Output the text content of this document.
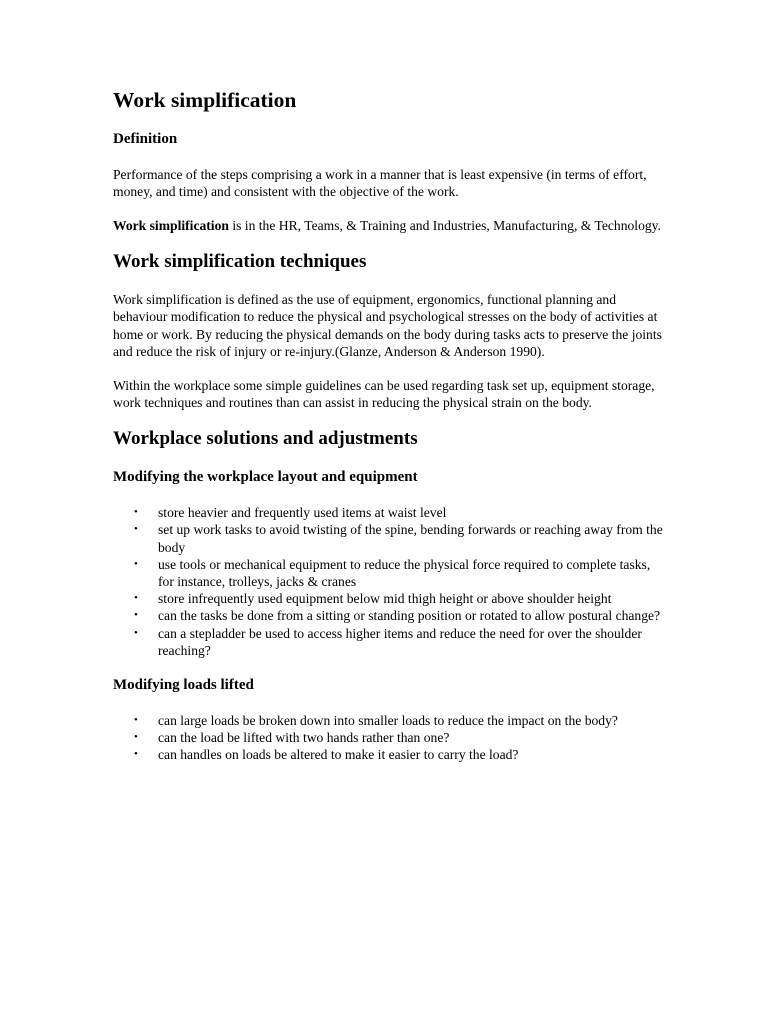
Work simplification
Definition

Performance of the steps comprising a work in a manner that is least expensive (in terms of effort, money, and time) and consistent with the objective of the work.

Work simplification is in the HR, Teams, & Training and Industries, Manufacturing, & Technology.

Work simplification techniques

Work simplification is defined as the use of equipment, ergonomics, functional planning and behaviour modification to reduce the physical and psychological stresses on the body of activities at home or work. By reducing the physical demands on the body during tasks acts to preserve the joints and reduce the risk of injury or re-injury.(Glanze, Anderson & Anderson 1990).

Within the workplace some simple guidelines can be used regarding task set up, equipment storage, work techniques and routines than can assist in reducing the physical strain on the body.

Workplace solutions and adjustments
Modifying the workplace layout and equipment
• store heavier and frequently used items at waist level
• set up work tasks to avoid twisting of the spine, bending forwards or reaching away from the body
• use tools or mechanical equipment to reduce the physical force required to complete tasks, for instance, trolleys, jacks & cranes
• store infrequently used equipment below mid thigh height or above shoulder height
• can the tasks be done from a sitting or standing position or rotated to allow postural change?
• can a stepladder be used to access higher items and reduce the need for over the shoulder reaching?
Modifying loads lifted
• can large loads be broken down into smaller loads to reduce the impact on the body?
• can the load be lifted with two hands rather than one?
• can handles on loads be altered to make it easier to carry the load?
